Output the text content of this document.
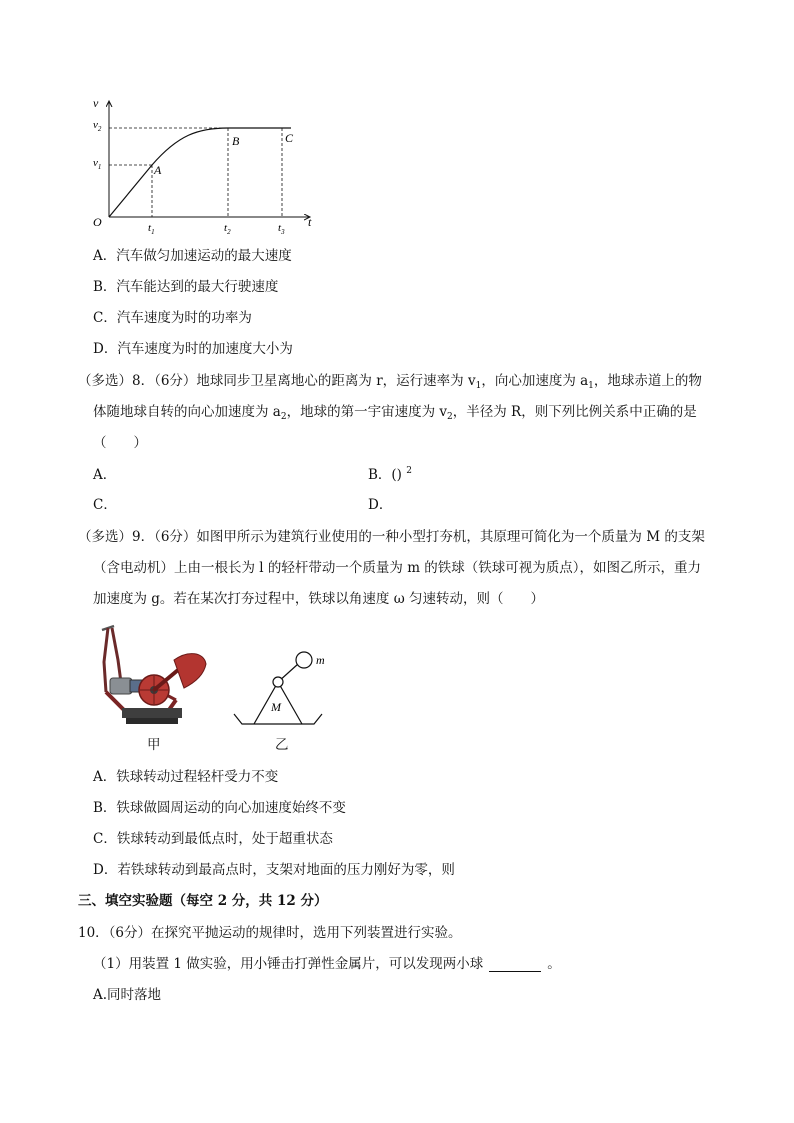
v
t
O
$v_2$
$v_1$	A
B	C
$t_1$	$t_2$	$t_3$
A．汽车做匀加速运动的最大速度
B．汽车能达到的最大行驶速度
C．汽车速度为时的功率为
D．汽车速度为时的加速度大小为
（多选）8．（6分）地球同步卫星离地心的距离为 r，运行速率为 $v_1$，向心加速度为 $a_1$，地球赤道上的物
体随地球自转的向心加速度为 $a_2$，地球的第一宇宙速度为 $v_2$，半径为 R，则下列比例关系中正确的是
（　　）
A．	B．() $^2$
C．	D．
（多选）9．（6分）如图甲所示为建筑行业使用的一种小型打夯机，其原理可简化为一个质量为 M 的支架
（含电动机）上由一根长为 l 的轻杆带动一个质量为 m 的铁球（铁球可视为质点），如图乙所示，重力
加速度为 g。若在某次打夯过程中，铁球以角速度 ω 匀速转动，则（　　）
m
M
甲	乙
A．铁球转动过程轻杆受力不变
B．铁球做圆周运动的向心加速度始终不变
C．铁球转动到最低点时，处于超重状态
D．若铁球转动到最高点时，支架对地面的压力刚好为零，则
三、填空实验题（每空 2 分，共 12 分）
10．（6分）在探究平抛运动的规律时，选用下列装置进行实验。
（1）用装置 1 做实验，用小锤击打弹性金属片，可以发现两小球	。
A.同时落地
